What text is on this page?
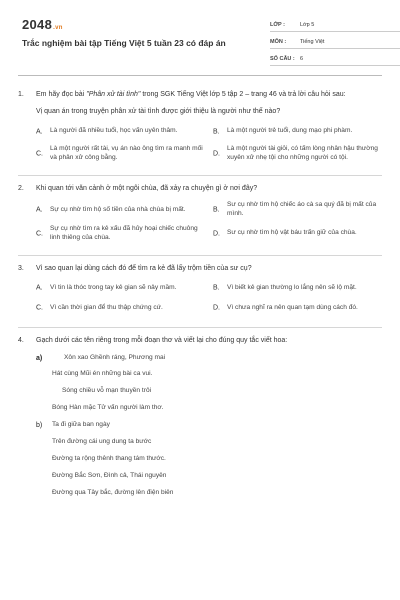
2048.vn
Trắc nghiệm bài tập Tiếng Việt 5 tuần 23 có đáp án
LỚP :	Lớp 5
MÔN :	Tiếng Việt
SỐ CÂU : 6
1. Em hãy đọc bài "Phân xử tài tình" trong SGK Tiếng Việt lớp 5 tập 2 – trang 46 và trả lời câu hỏi sau:
Vị quan án trong truyện phân xử tài tình được giới thiệu là người như thế nào?
A. Là người đã nhiều tuổi, học vấn uyên thâm.	B. Là một người trẻ tuổi, dung mạo phi phàm.
C.
Là một người rất tài, vụ án nào ông tìm ra manh mối và phân xử công bằng.
D.
Là một người tài giỏi, có tấm lòng nhân hậu thường xuyên xử nhẹ tội cho những người có tội.
2. Khi quan tới văn cảnh ở một ngôi chùa, đã xảy ra chuyện gì ở nơi đây?
A. Sự cụ nhờ tìm hộ số tiền của nhà chùa bị mất.	B.
Sư cụ nhờ tìm hộ chiếc áo cà sa quý đã bị mất của mình.
C.
Sự cụ nhờ tìm ra kẻ xấu đã hủy hoại chiếc chuông linh thiêng của chùa.
D. Sư cụ nhờ tìm hộ vật báu trấn giữ của chùa.
3. Vì sao quan lại dùng cách đó để tìm ra kẻ đã lấy trộm tiền của sư cụ?
A. Vì tin là thóc trong tay kẻ gian sẽ nảy mầm.	B. Vì biết kẻ gian thường lo lắng nên sẽ lộ mặt.
C. Vì cần thời gian để thu thập chứng cứ.	D. Vì chưa nghĩ ra nên quan tạm dùng cách đó.
4. Gạch dưới các tên riêng trong mỗi đoạn thơ và viết lại cho đúng quy tắc viết hoa:
a)	Xôn xao Ghềnh ráng, Phương mai
Hát cùng Mũi én những bài ca vui.
Sóng chiều vỗ mạn thuyền trôi
Bóng Hàn mặc Tử vấn người làm thơ.
b) Ta đi giữa ban ngày
Trên đường cái ung dung ta bước
Đường ta rộng thênh thang tám thước.
Đường Bắc Sơn, Đình cả, Thái nguyên
Đường qua Tây bắc, đường lên điện biên
